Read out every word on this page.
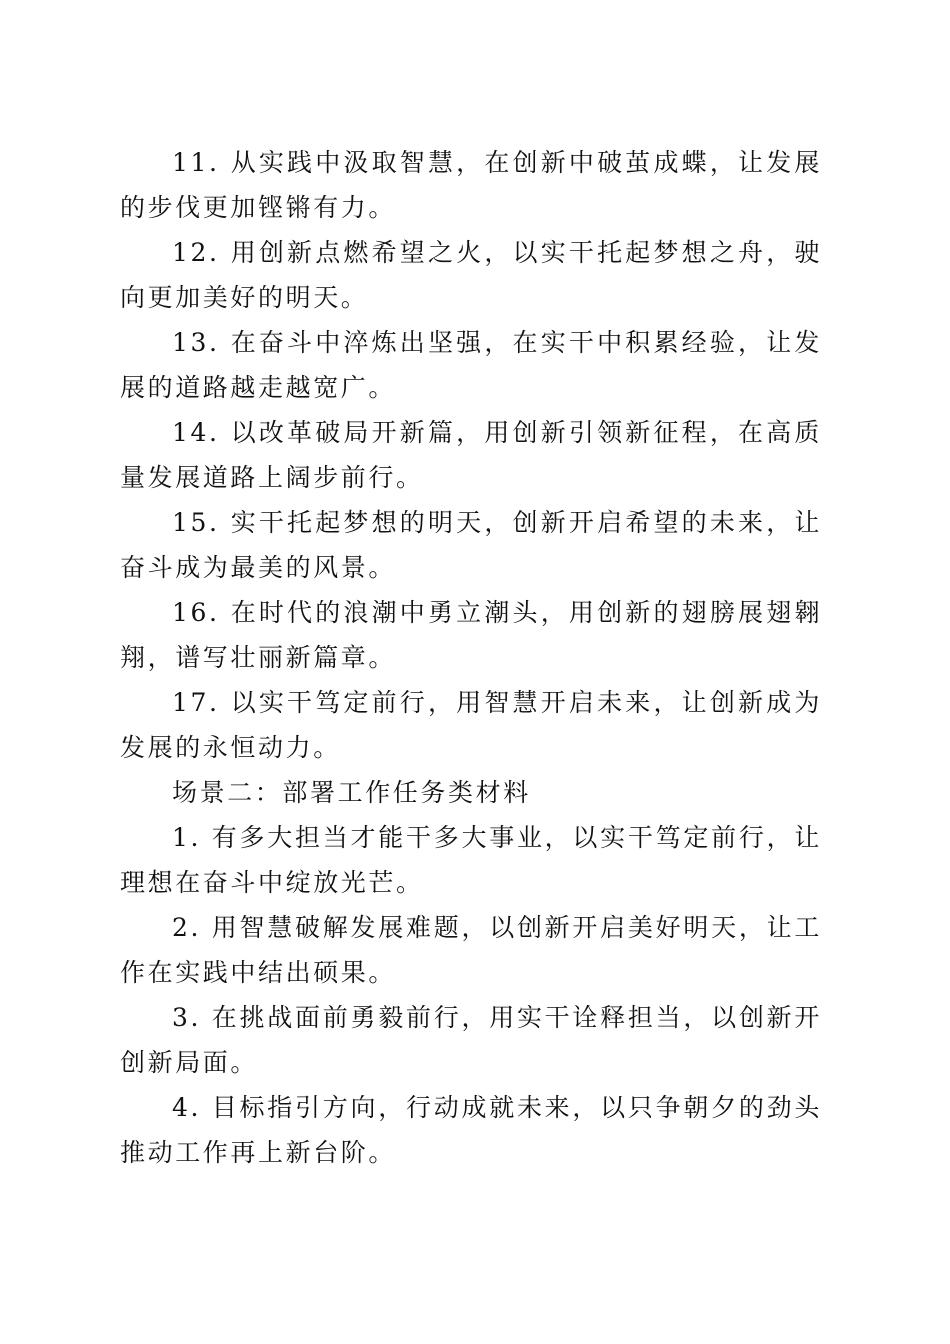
11. 从实践中汲取智慧，在创新中破茧成蝶，让发展的步伐更加铿锵有力。

12. 用创新点燃希望之火，以实干托起梦想之舟，驶向更加美好的明天。

13. 在奋斗中淬炼出坚强，在实干中积累经验，让发展的道路越走越宽广。

14. 以改革破局开新篇，用创新引领新征程，在高质量发展道路上阔步前行。

15. 实干托起梦想的明天，创新开启希望的未来，让奋斗成为最美的风景。

16. 在时代的浪潮中勇立潮头，用创新的翅膀展翅翱翔，谱写壮丽新篇章。

17. 以实干笃定前行，用智慧开启未来，让创新成为发展的永恒动力。

场景二：部署工作任务类材料

1. 有多大担当才能干多大事业，以实干笃定前行，让理想在奋斗中绽放光芒。

2. 用智慧破解发展难题，以创新开启美好明天，让工作在实践中结出硕果。

3. 在挑战面前勇毅前行，用实干诠释担当，以创新开创新局面。

4. 目标指引方向，行动成就未来，以只争朝夕的劲头推动工作再上新台阶。
